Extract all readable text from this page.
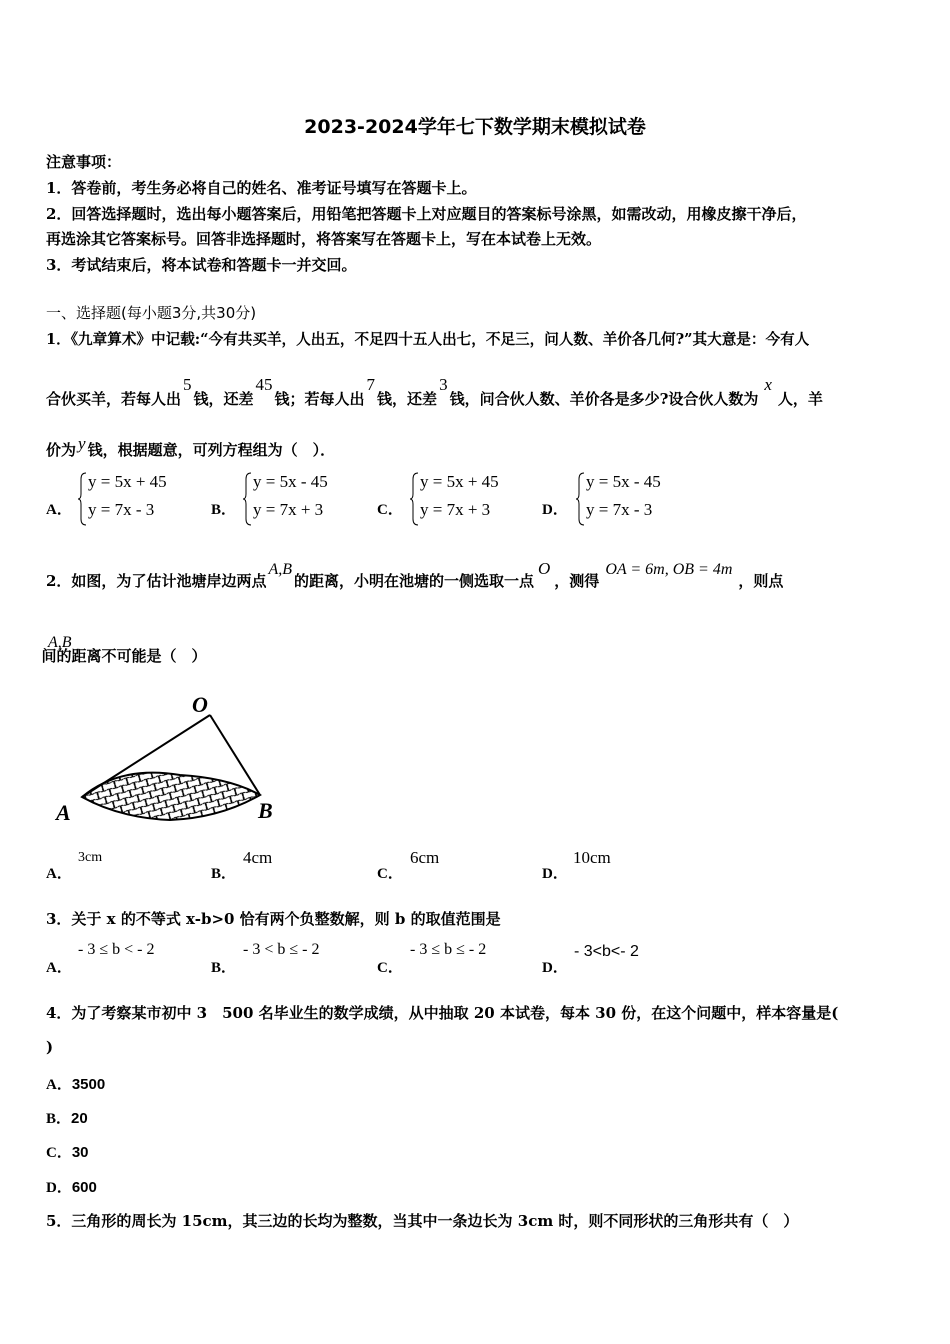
2023-2024学年七下数学期末模拟试卷
注意事项：
1．答卷前，考生务必将自己的姓名、准考证号填写在答题卡上。
2．回答选择题时，选出每小题答案后，用铅笔把答题卡上对应题目的答案标号涂黑，如需改动，用橡皮擦干净后，
再选涂其它答案标号。回答非选择题时，将答案写在答题卡上，写在本试卷上无效。
3．考试结束后，将本试卷和答题卡一并交回。
一、选择题(每小题3分,共30分)
1．《九章算术》中记载:“今有共买羊，人出五，不足四十五人出七，不足三，问人数、羊价各几何?”其大意是：今有人
合伙买羊，若每人出5钱，还差45钱；若每人出7钱，还差3钱，问合伙人数、羊价各是多少?设合伙人数为x人，羊
价为 y 钱，根据题意，可列方程组为（　）．
A．
y = 5x + 45
y = 7x - 3	B．
y = 5x - 45
y = 7x + 3	C．
y = 5x + 45
y = 7x + 3	D．
y = 5x - 45
y = 7x - 3
2．如图，为了估计池塘岸边两点A,B的距离，小明在池塘的一侧选取一点O，测得OA = 6m, OB = 4m，则点
A,B间的距离不可能是（　）
O
A	B
A．
3cm
B．
4cm
C．
6cm
D．
10cm
3．关于 x 的不等式 x-b>0 恰有两个负整数解，则 b 的取值范围是
A．
- 3 ≤ b < - 2
B．
- 3 < b ≤ - 2
C．
- 3 ≤ b ≤ - 2
D．
- 3<b<- 2
4．为了考察某市初中 3　500 名毕业生的数学成绩，从中抽取 20 本试卷，每本 30 份，在这个问题中，样本容量是(
)
A．3500
B．20
C．30
D．600
5．三角形的周长为 15cm，其三边的长均为整数，当其中一条边长为 3cm 时，则不同形状的三角形共有（　）
